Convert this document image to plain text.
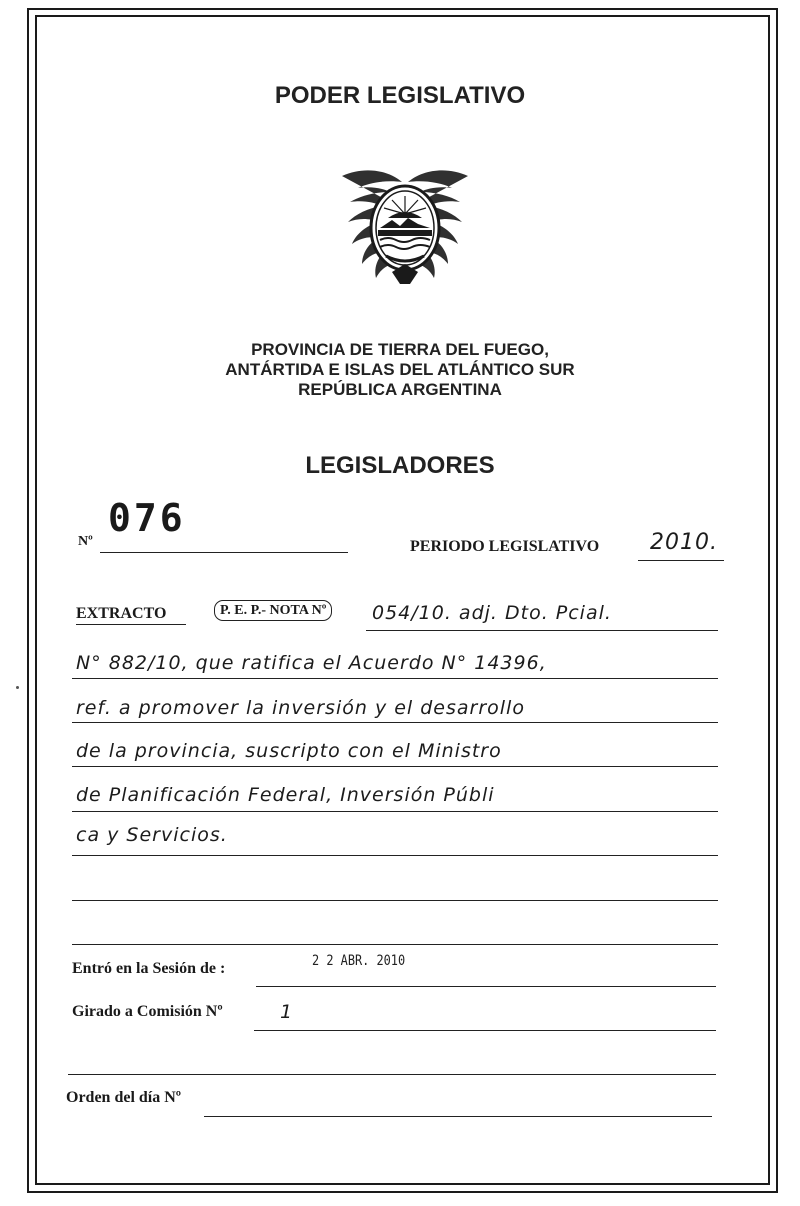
PODER LEGISLATIVO
PROVINCIA DE TIERRA DEL FUEGO,
ANTÁRTIDA E ISLAS DEL ATLÁNTICO SUR
REPÚBLICA ARGENTINA
LEGISLADORES
Nº
076
PERIODO LEGISLATIVO 2010.
EXTRACTO	P. E. P.- NOTA Nº	054/10. adj. Dto. Pcial.
N° 882/10, que ratifica el Acuerdo N° 14396,
ref. a promover la inversión y el desarrollo
de la provincia, suscripto con el Ministro
de Planificación Federal, Inversión Públi
ca y Servicios.
Entró en la Sesión de :	2 2 ABR. 2010
Girado a Comisión Nº	1
Orden del día Nº
